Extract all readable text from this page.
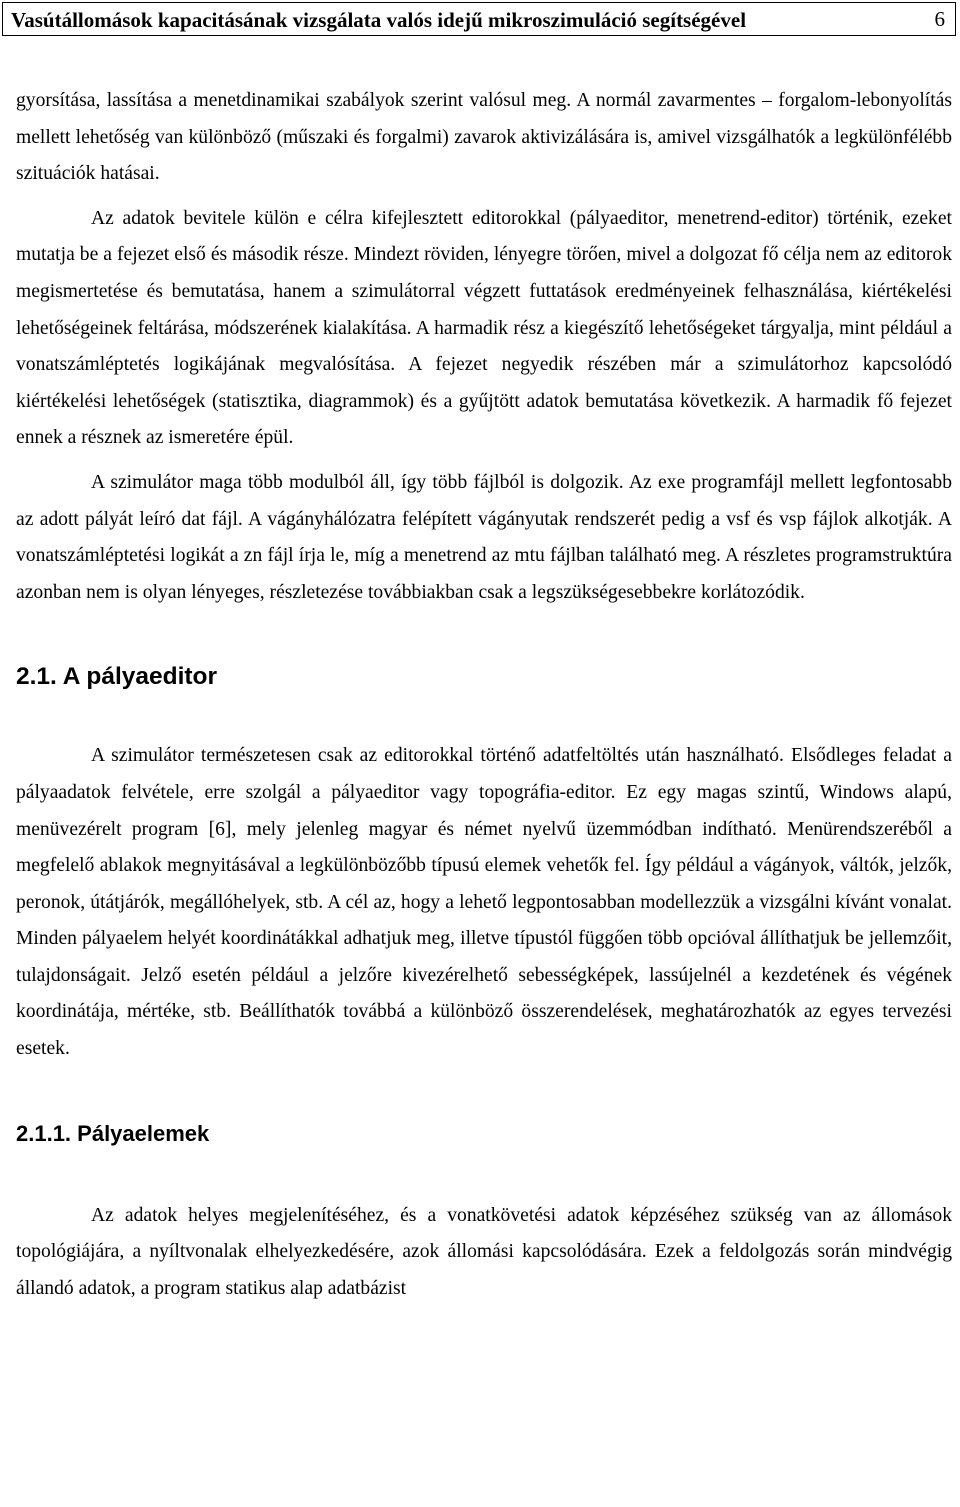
Vasútállomások kapacitásának vizsgálata valós idejű mikroszimuláció segítségével	6

gyorsítása, lassítása a menetdinamikai szabályok szerint valósul meg. A normál zavarmentes – forgalom-lebonyolítás mellett lehetőség van különböző (műszaki és forgalmi) zavarok aktivizálására is, amivel vizsgálhatók a legkülönfélébb szituációk hatásai.

Az adatok bevitele külön e célra kifejlesztett editorokkal (pályaeditor, menetrend-editor) történik, ezeket mutatja be a fejezet első és második része. Mindezt röviden, lényegre törően, mivel a dolgozat fő célja nem az editorok megismertetése és bemutatása, hanem a szimulátorral végzett futtatások eredményeinek felhasználása, kiértékelési lehetőségeinek feltárása, módszerének kialakítása. A harmadik rész a kiegészítő lehetőségeket tárgyalja, mint például a vonatszámléptetés logikájának megvalósítása. A fejezet negyedik részében már a szimulátorhoz kapcsolódó kiértékelési lehetőségek (statisztika, diagrammok) és a gyűjtött adatok bemutatása következik. A harmadik fő fejezet ennek a résznek az ismeretére épül.

A szimulátor maga több modulból áll, így több fájlból is dolgozik. Az exe programfájl mellett legfontosabb az adott pályát leíró dat fájl. A vágányhálózatra felépített vágányutak rendszerét pedig a vsf és vsp fájlok alkotják. A vonatszámléptetési logikát a zn fájl írja le, míg a menetrend az mtu fájlban található meg. A részletes programstruktúra azonban nem is olyan lényeges, részletezése továbbiakban csak a legszükségesebbekre korlátozódik.

2.1. A pályaeditor

A szimulátor természetesen csak az editorokkal történő adatfeltöltés után használható. Elsődleges feladat a pályaadatok felvétele, erre szolgál a pályaeditor vagy topográfia-editor. Ez egy magas szintű, Windows alapú, menüvezérelt program [6], mely jelenleg magyar és német nyelvű üzemmódban indítható. Menürendszeréből a megfelelő ablakok megnyitásával a legkülönbözőbb típusú elemek vehetők fel. Így például a vágányok, váltók, jelzők, peronok, útátjárók, megállóhelyek, stb. A cél az, hogy a lehető legpontosabban modellezzük a vizsgálni kívánt vonalat. Minden pályaelem helyét koordinátákkal adhatjuk meg, illetve típustól függően több opcióval állíthatjuk be jellemzőit, tulajdonságait. Jelző esetén például a jelzőre kivezérelhető sebességképek, lassújelnél a kezdetének és végének koordinátája, mértéke, stb. Beállíthatók továbbá a különböző összerendelések, meghatározhatók az egyes tervezési esetek.

2.1.1. Pályaelemek

Az adatok helyes megjelenítéséhez, és a vonatkövetési adatok képzéséhez szükség van az állomások topológiájára, a nyíltvonalak elhelyezkedésére, azok állomási kapcsolódására. Ezek a feldolgozás során mindvégig állandó adatok, a program statikus alap adatbázist
